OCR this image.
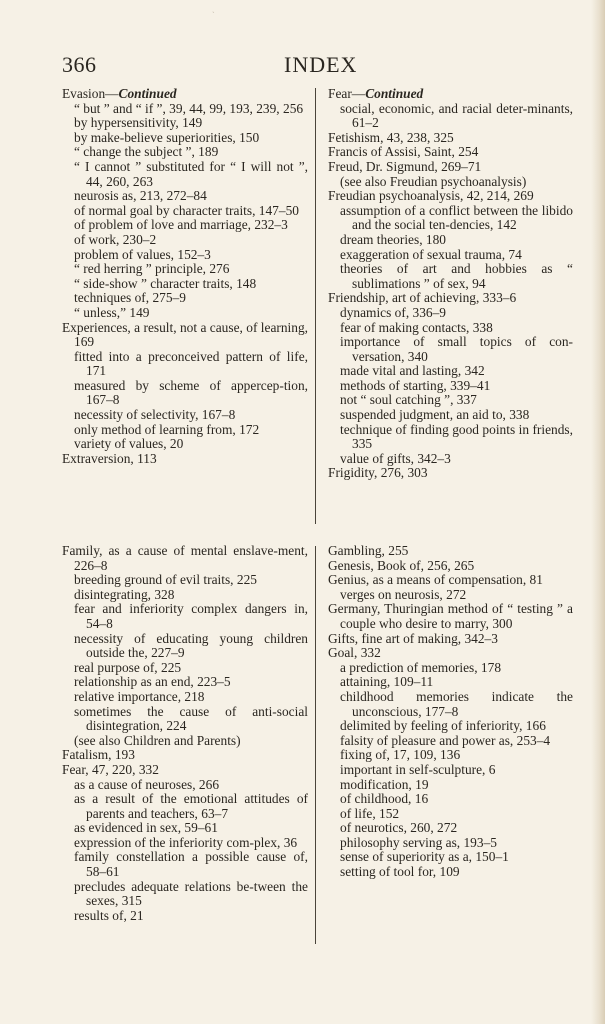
ˎ
366	INDEX
Evasion—Continued
“ but ” and “ if ”, 39, 44, 99, 193, 239, 256
by hypersensitivity, 149
by make-believe superiorities, 150
“ change the subject ”, 189
“ I cannot ” substituted for “ I will not ”, 44, 260, 263
neurosis as, 213, 272–84
of normal goal by character traits, 147–50
of problem of love and marriage, 232–3
of work, 230–2
problem of values, 152–3
“ red herring ” principle, 276
“ side-show ” character traits, 148
techniques of, 275–9
“ unless,” 149
Experiences, a result, not a cause, of learning, 169
fitted into a preconceived pattern of life, 171
measured by scheme of appercep-tion, 167–8
necessity of selectivity, 167–8
only method of learning from, 172
variety of values, 20
Extraversion, 113
Fear—Continued
social, economic, and racial deter-minants, 61–2
Fetishism, 43, 238, 325
Francis of Assisi, Saint, 254
Freud, Dr. Sigmund, 269–71
(see also Freudian psychoanalysis)
Freudian psychoanalysis, 42, 214, 269
assumption of a conflict between the libido and the social ten-dencies, 142
dream theories, 180
exaggeration of sexual trauma, 74
theories of art and hobbies as “ sublimations ” of sex, 94
Friendship, art of achieving, 333–6
dynamics of, 336–9
fear of making contacts, 338
importance of small topics of con-versation, 340
made vital and lasting, 342
methods of starting, 339–41
not “ soul catching ”, 337
suspended judgment, an aid to, 338
technique of finding good points in friends, 335
value of gifts, 342–3
Frigidity, 276, 303
Family, as a cause of mental enslave-ment, 226–8
breeding ground of evil traits, 225
disintegrating, 328
fear and inferiority complex dangers in, 54–8
necessity of educating young children outside the, 227–9
real purpose of, 225
relationship as an end, 223–5
relative importance, 218
sometimes the cause of anti-social disintegration, 224
(see also Children and Parents)
Fatalism, 193
Fear, 47, 220, 332
as a cause of neuroses, 266
as a result of the emotional attitudes of parents and teachers, 63–7
as evidenced in sex, 59–61
expression of the inferiority com-plex, 36
family constellation a possible cause of, 58–61
precludes adequate relations be-tween the sexes, 315
results of, 21
Gambling, 255
Genesis, Book of, 256, 265
Genius, as a means of compensation, 81
verges on neurosis, 272
Germany, Thuringian method of “ testing ” a couple who desire to marry, 300
Gifts, fine art of making, 342–3
Goal, 332
a prediction of memories, 178
attaining, 109–11
childhood memories indicate the unconscious, 177–8
delimited by feeling of inferiority, 166
falsity of pleasure and power as, 253–4
fixing of, 17, 109, 136
important in self-sculpture, 6
modification, 19
of childhood, 16
of life, 152
of neurotics, 260, 272
philosophy serving as, 193–5
sense of superiority as a, 150–1
setting of tool for, 109
